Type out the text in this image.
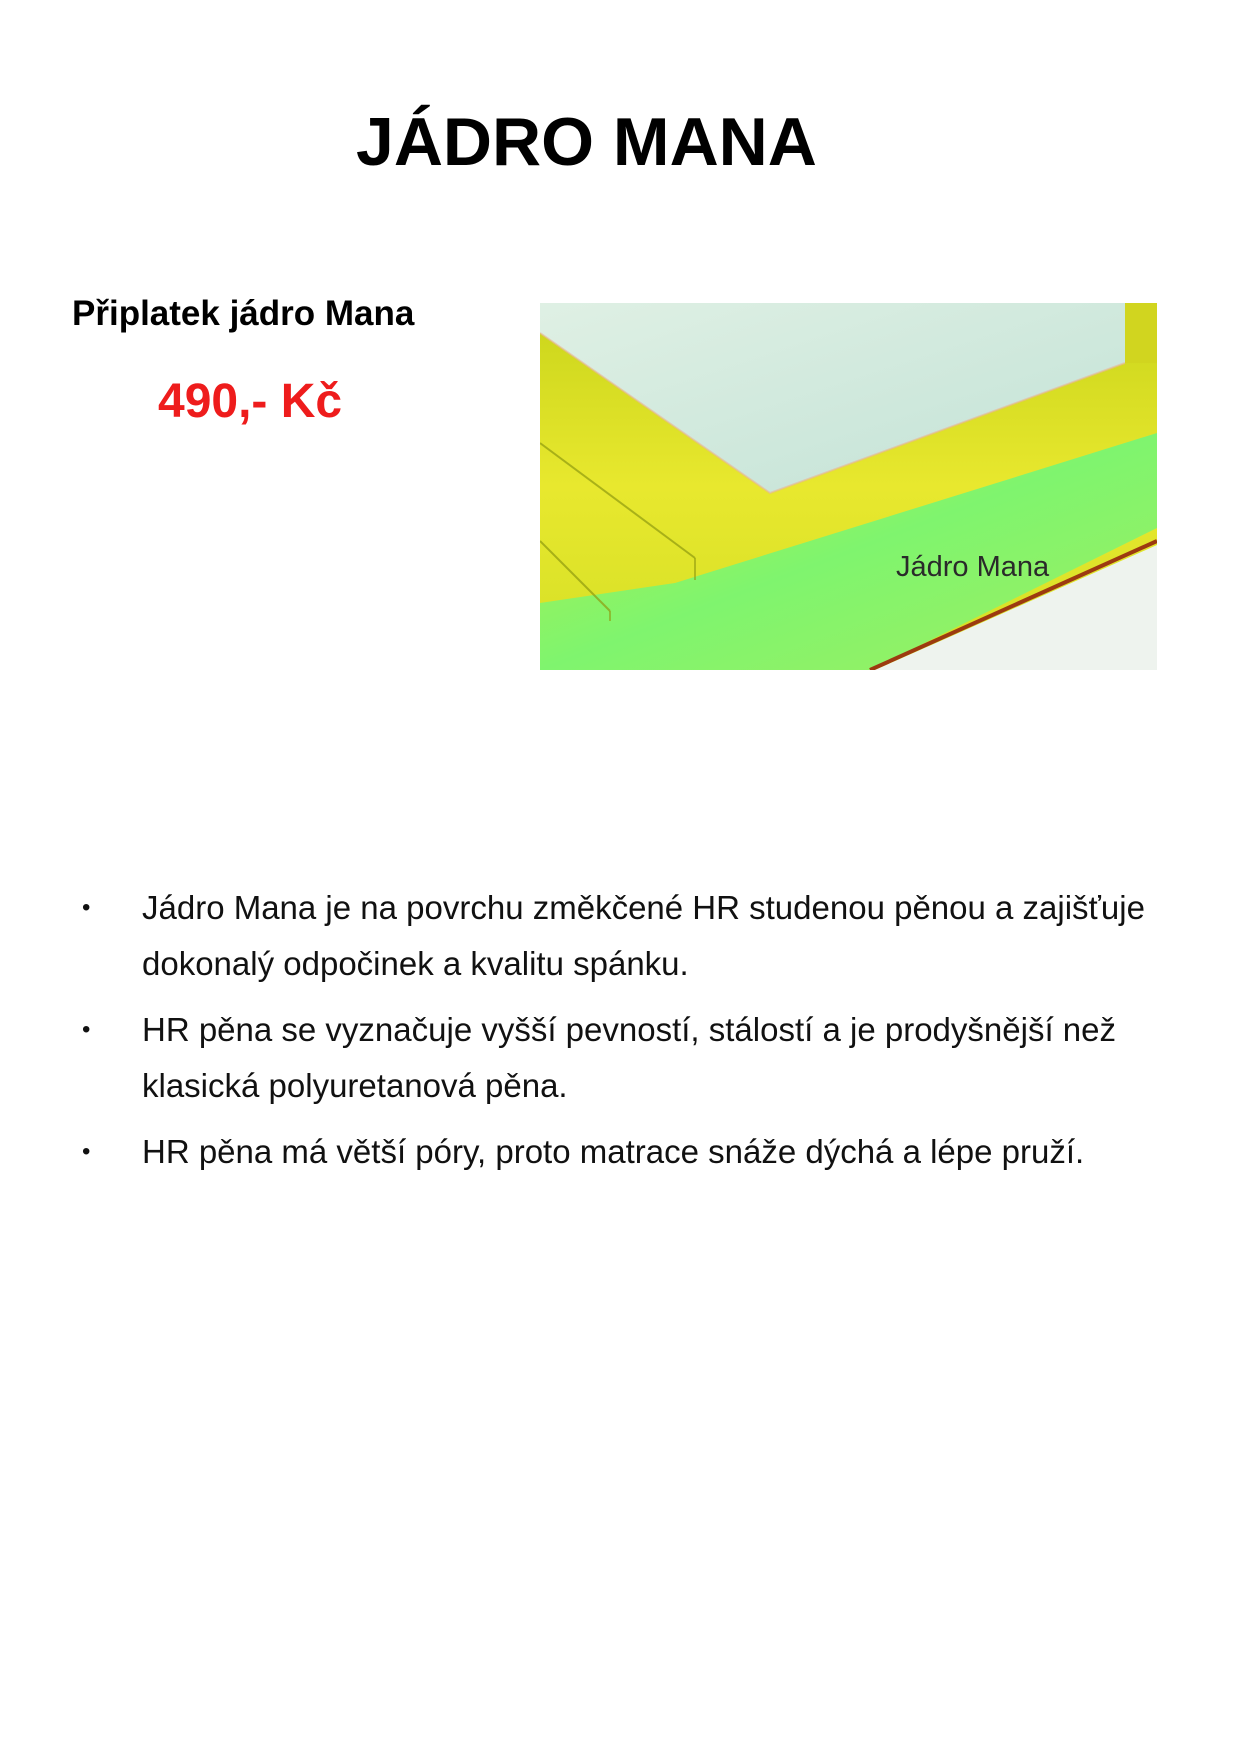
JÁDRO MANA
Připlatek jádro Mana
490,- Kč
Jádro Mana
• Jádro Mana je na povrchu změkčené HR studenou pěnou a zajišťuje dokonalý odpočinek a kvalitu spánku.
• HR pěna se vyznačuje vyšší pevností, stálostí a je prodyšnější než klasická polyuretanová pěna.
• HR pěna má větší póry, proto matrace snáže dýchá a lépe pruží.
